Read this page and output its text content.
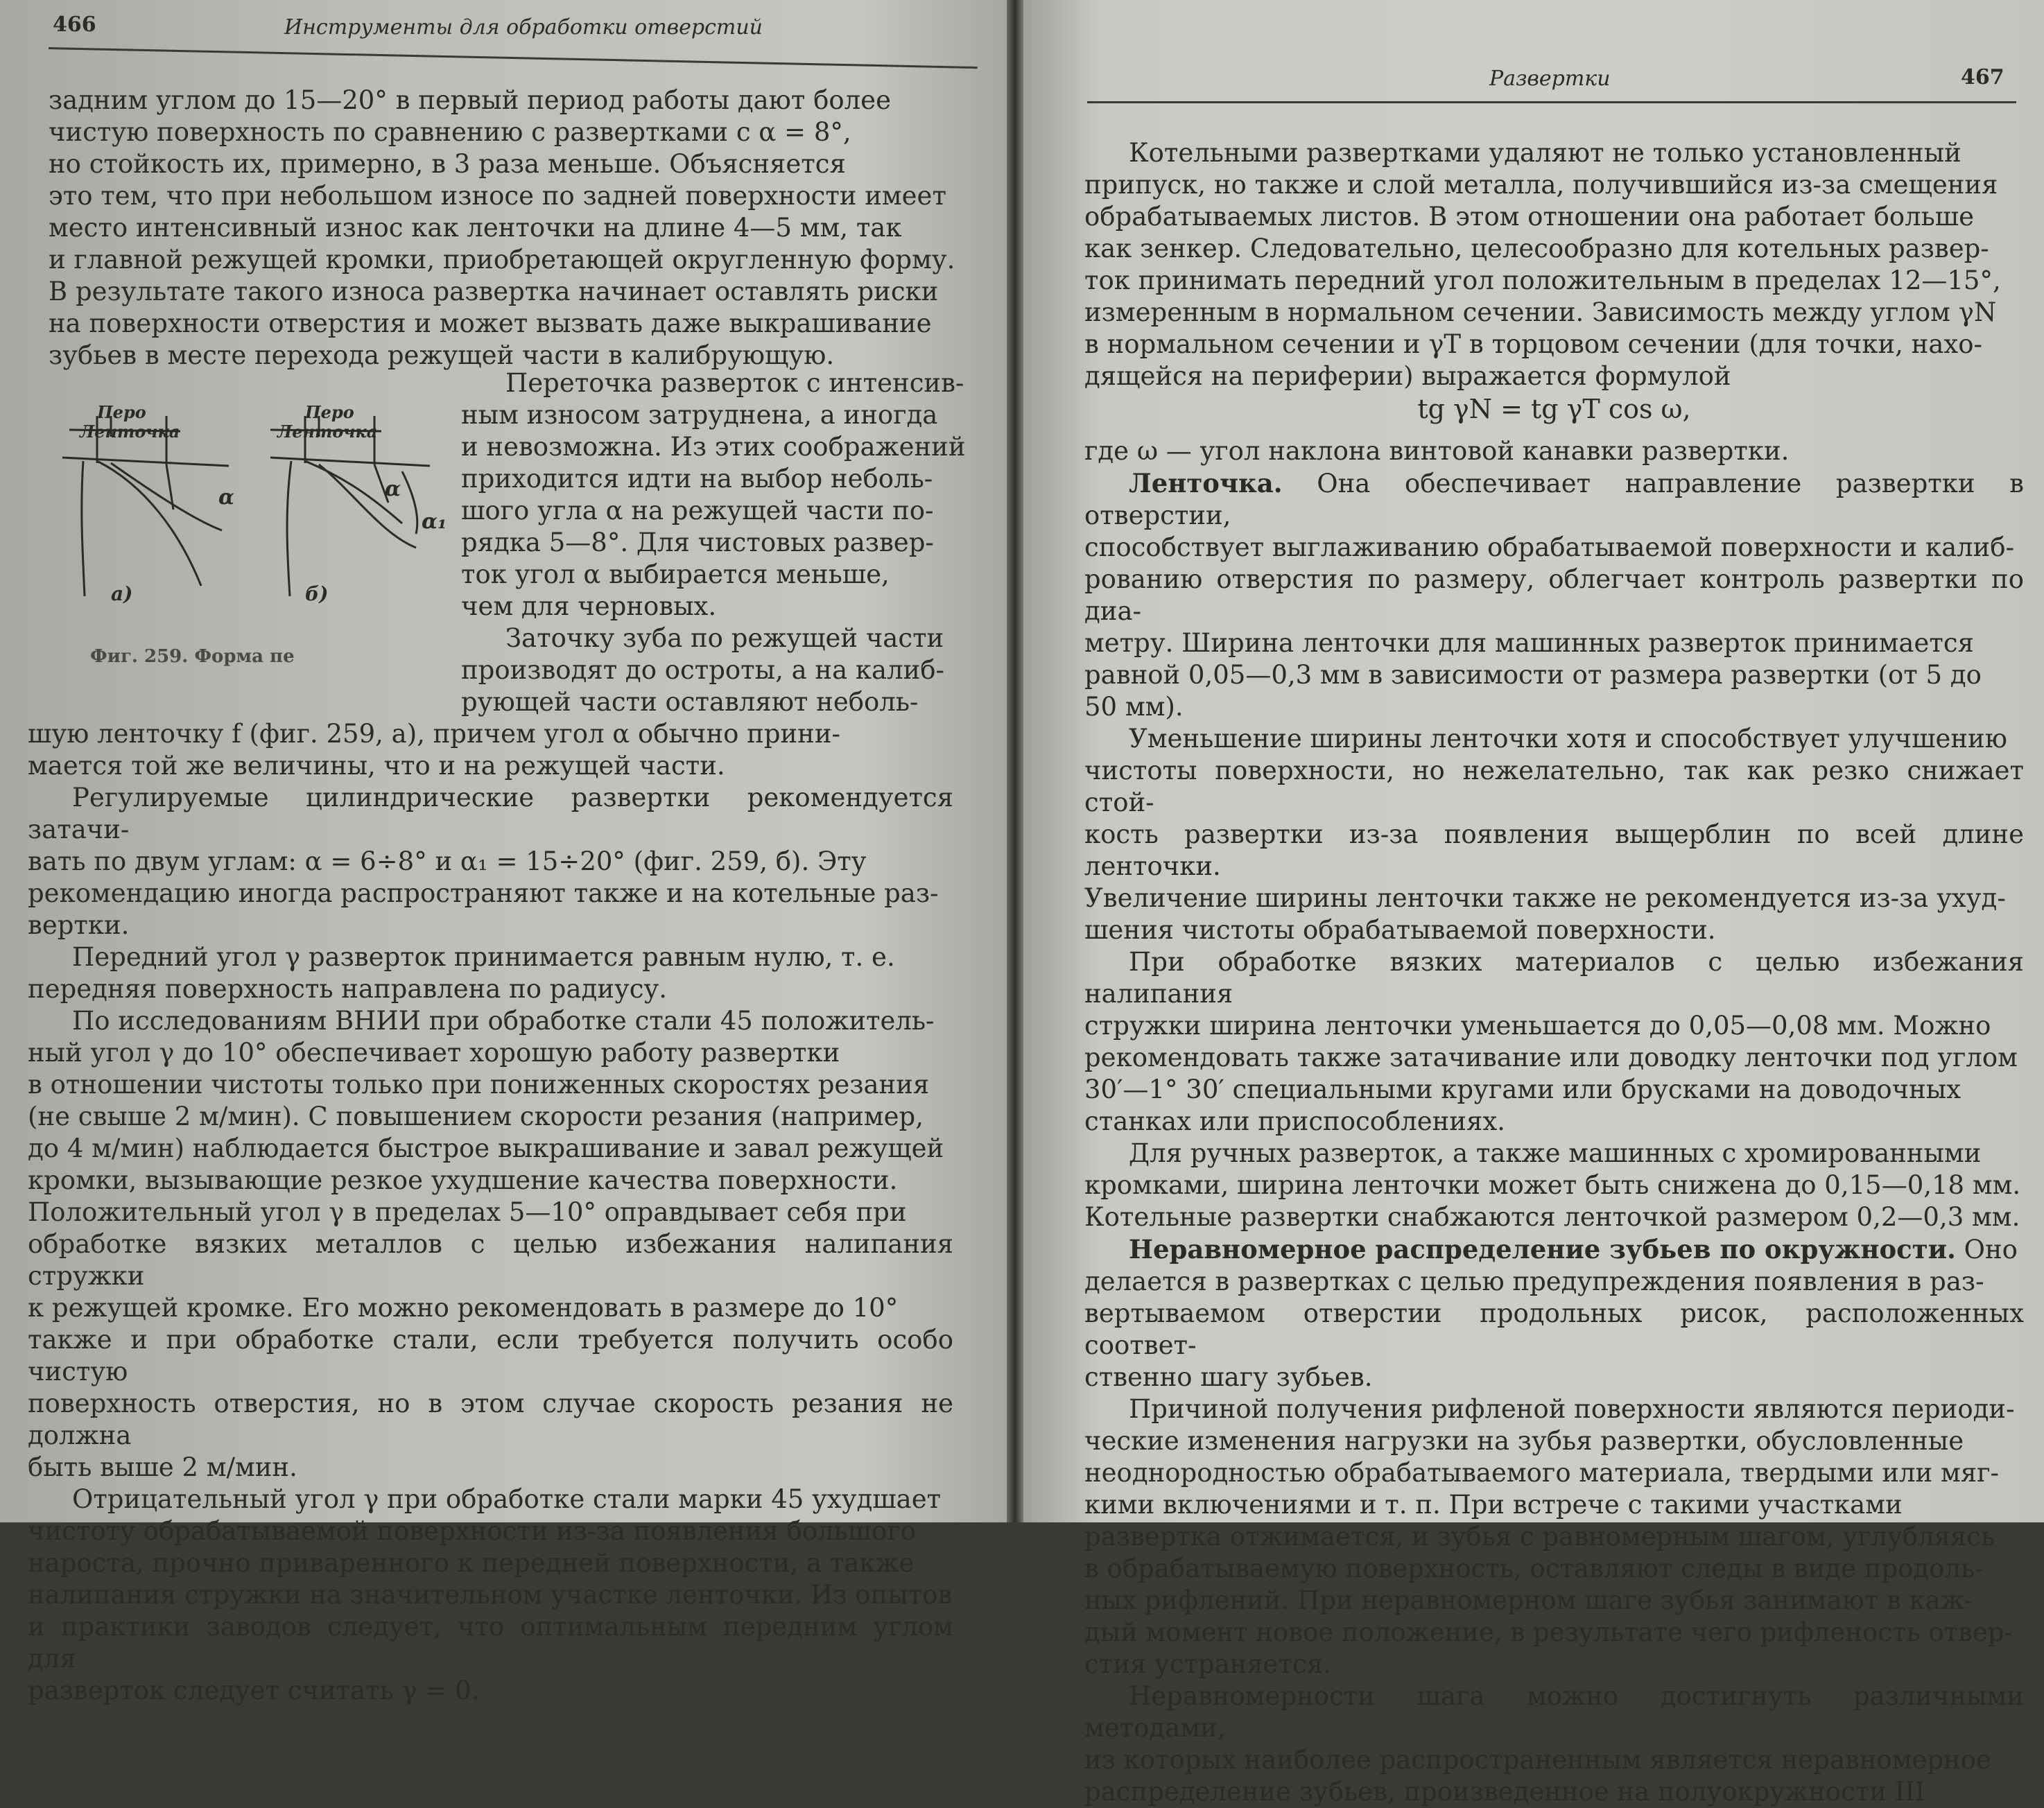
466	Инструменты для обработки отверстий

задним углом до 15—20° в первый период работы дают более

чистую поверхность по сравнению с развертками с α = 8°,

но стойкость их, примерно, в 3 раза меньше. Объясняется

это тем, что при небольшом износе по задней поверхности имеет

место интенсивный износ как ленточки на длине 4—5 мм, так

и главной режущей кромки, приобретающей округленную форму.

В результате такого износа развертка начинает оставлять риски

на поверхности отверстия и может вызвать даже выкрашивание

зубьев в месте перехода режущей части в калибрующую.

Перо
Ленточка
Перо
Ленточка
α	α
α₁
а)	б)
Фиг. 259. Форма пе

Переточка разверток с интенсив-

ным износом затруднена, а иногда

и невозможна. Из этих соображений

приходится идти на выбор неболь-

шого угла α на режущей части по-

рядка 5—8°. Для чистовых развер-

ток угол α выбирается меньше,

чем для черновых.

Заточку зуба по режущей части

производят до остроты, а на калиб-

рующей части оставляют неболь-

шую ленточку f (фиг. 259, а), причем угол α обычно прини-

мается той же величины, что и на режущей части.

Регулируемые цилиндрические развертки рекомендуется затачи-

вать по двум углам: α = 6÷8° и α₁ = 15÷20° (фиг. 259, б). Эту

рекомендацию иногда распространяют также и на котельные раз-

вертки.

Передний угол γ разверток принимается равным нулю, т. е.

передняя поверхность направлена по радиусу.

По исследованиям ВНИИ при обработке стали 45 положитель-

ный угол γ до 10° обеспечивает хорошую работу развертки

в отношении чистоты только при пониженных скоростях резания

(не свыше 2 м/мин). С повышением скорости резания (например,

до 4 м/мин) наблюдается быстрое выкрашивание и завал режущей

кромки, вызывающие резкое ухудшение качества поверхности.

Положительный угол γ в пределах 5—10° оправдывает себя при

обработке вязких металлов с целью избежания налипания стружки

к режущей кромке. Его можно рекомендовать в размере до 10°

также и при обработке стали, если требуется получить особо чистую

поверхность отверстия, но в этом случае скорость резания не должна

быть выше 2 м/мин.

Отрицательный угол γ при обработке стали марки 45 ухудшает

чистоту обрабатываемой поверхности из-за появления большого

нароста, прочно приваренного к передней поверхности, а также

налипания стружки на значительном участке ленточки. Из опытов

и практики заводов следует, что оптимальным передним углом для

разверток следует считать γ = 0.

Развертки	467

Котельными развертками удаляют не только установленный

припуск, но также и слой металла, получившийся из-за смещения

обрабатываемых листов. В этом отношении она работает больше

как зенкер. Следовательно, целесообразно для котельных развер-

ток принимать передний угол положительным в пределах 12—15°,

измеренным в нормальном сечении. Зависимость между углом γN

в нормальном сечении и γT в торцовом сечении (для точки, нахо-

дящейся на периферии) выражается формулой

tg γN = tg γT cos ω,

где ω — угол наклона винтовой канавки развертки.

Ленточка. Она обеспечивает направление развертки в отверстии,

способствует выглаживанию обрабатываемой поверхности и калиб-

рованию отверстия по размеру, облегчает контроль развертки по диа-

метру. Ширина ленточки для машинных разверток принимается

равной 0,05—0,3 мм в зависимости от размера развертки (от 5 до

50 мм).

Уменьшение ширины ленточки хотя и способствует улучшению

чистоты поверхности, но нежелательно, так как резко снижает стой-

кость развертки из-за появления выщерблин по всей длине ленточки.

Увеличение ширины ленточки также не рекомендуется из-за ухуд-

шения чистоты обрабатываемой поверхности.

При обработке вязких материалов с целью избежания налипания

стружки ширина ленточки уменьшается до 0,05—0,08 мм. Можно

рекомендовать также затачивание или доводку ленточки под углом

30′—1° 30′ специальными кругами или брусками на доводочных

станках или приспособлениях.

Для ручных разверток, а также машинных с хромированными

кромками, ширина ленточки может быть снижена до 0,15—0,18 мм.

Котельные развертки снабжаются ленточкой размером 0,2—0,3 мм.

Неравномерное распределение зубьев по окружности. Оно

делается в развертках с целью предупреждения появления в раз-

вертываемом отверстии продольных рисок, расположенных соответ-

ственно шагу зубьев.

Причиной получения рифленой поверхности являются периоди-

ческие изменения нагрузки на зубья развертки, обусловленные

неоднородностью обрабатываемого материала, твердыми или мяг-

кими включениями и т. п. При встрече с такими участками

развертка отжимается, и зубья с равномерным шагом, углубляясь

в обрабатываемую поверхность, оставляют следы в виде продоль-

ных рифлений. При неравномерном шаге зубья занимают в каж-

дый момент новое положение, в результате чего рифленость отвер-

стия устраняется.

Неравномерности шага можно достигнуть различными методами,

из которых наиболее распространенным является неравномерное

распределение зубьев, произведенное на полуокружности III
